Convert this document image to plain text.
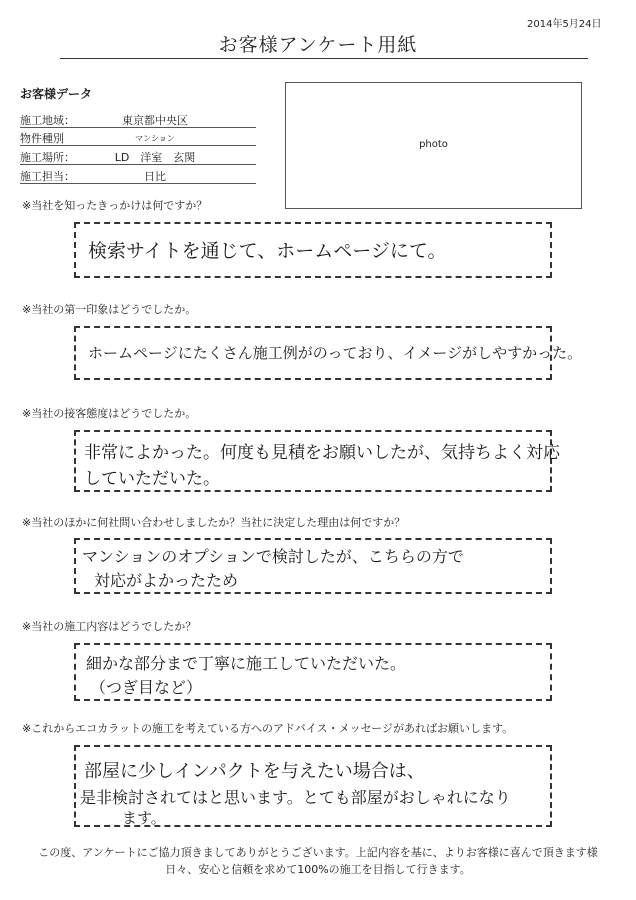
2014年5月24日
お客様アンケート用紙
お客様データ
施工地域：	東京都中央区
物件種別	マンション
施工場所：	LD　洋室　玄関
施工担当：	日比
photo
※当社を知ったきっかけは何ですか？
検索サイトを通じて、ホームページにて。
※当社の第一印象はどうでしたか。
ホームページにたくさん施工例がのっており、イメージがしやすかった。
※当社の接客態度はどうでしたか。
非常によかった。何度も見積をお願いしたが、気持ちよく対応
していただいた。
※当社のほかに何社問い合わせしましたか？当社に決定した理由は何ですか？
マンションのオプションで検討したが、こちらの方で
対応がよかったため
※当社の施工内容はどうでしたか？
細かな部分まで丁寧に施工していただいた。
（つぎ目など）
※これからエコカラットの施工を考えている方へのアドバイス・メッセージがあればお願いします。
部屋に少しインパクトを与えたい場合は、
是非検討されてはと思います。とても部屋がおしゃれになり
ます。
この度、アンケートにご協力頂きましてありがとうございます。上記内容を基に、よりお客様に喜んで頂きます様
日々、安心と信頼を求めて100%の施工を目指して行きます。
